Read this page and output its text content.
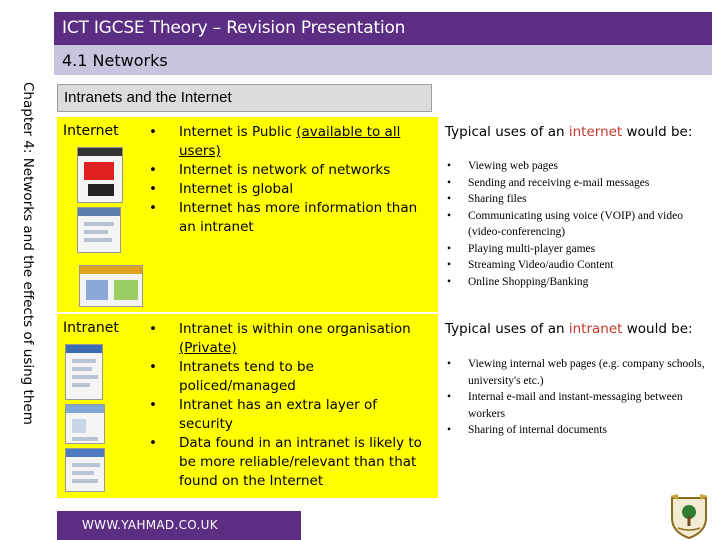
ICT IGCSE Theory – Revision Presentation
4.1 Networks
Chapter 4: Networks and the effects of using them Intranets and the Internet
Internet	• Internet is Public (available to all users)
• Internet is network of networks
• Internet is global
• Internet has more information than an intranet
Typical uses of an internet would be:
• Viewing web pages
• Sending and receiving e-mail messages
• Sharing files
• Communicating using voice (VOIP) and video (video-conferencing)
• Playing multi-player games
• Streaming Video/audio Content
• Online Shopping/Banking
Intranet	• Intranet is within one organisation (Private)
• Intranets tend to be policed/managed
• Intranet has an extra layer of security
• Data found in an intranet is likely to be more reliable/relevant than that found on the Internet
Typical uses of an intranet would be:
• Viewing internal web pages (e.g. company schools, university's etc.)
• Internal e-mail and instant-messaging between workers
• Sharing of internal documents
WWW.YAHMAD.CO.UK
